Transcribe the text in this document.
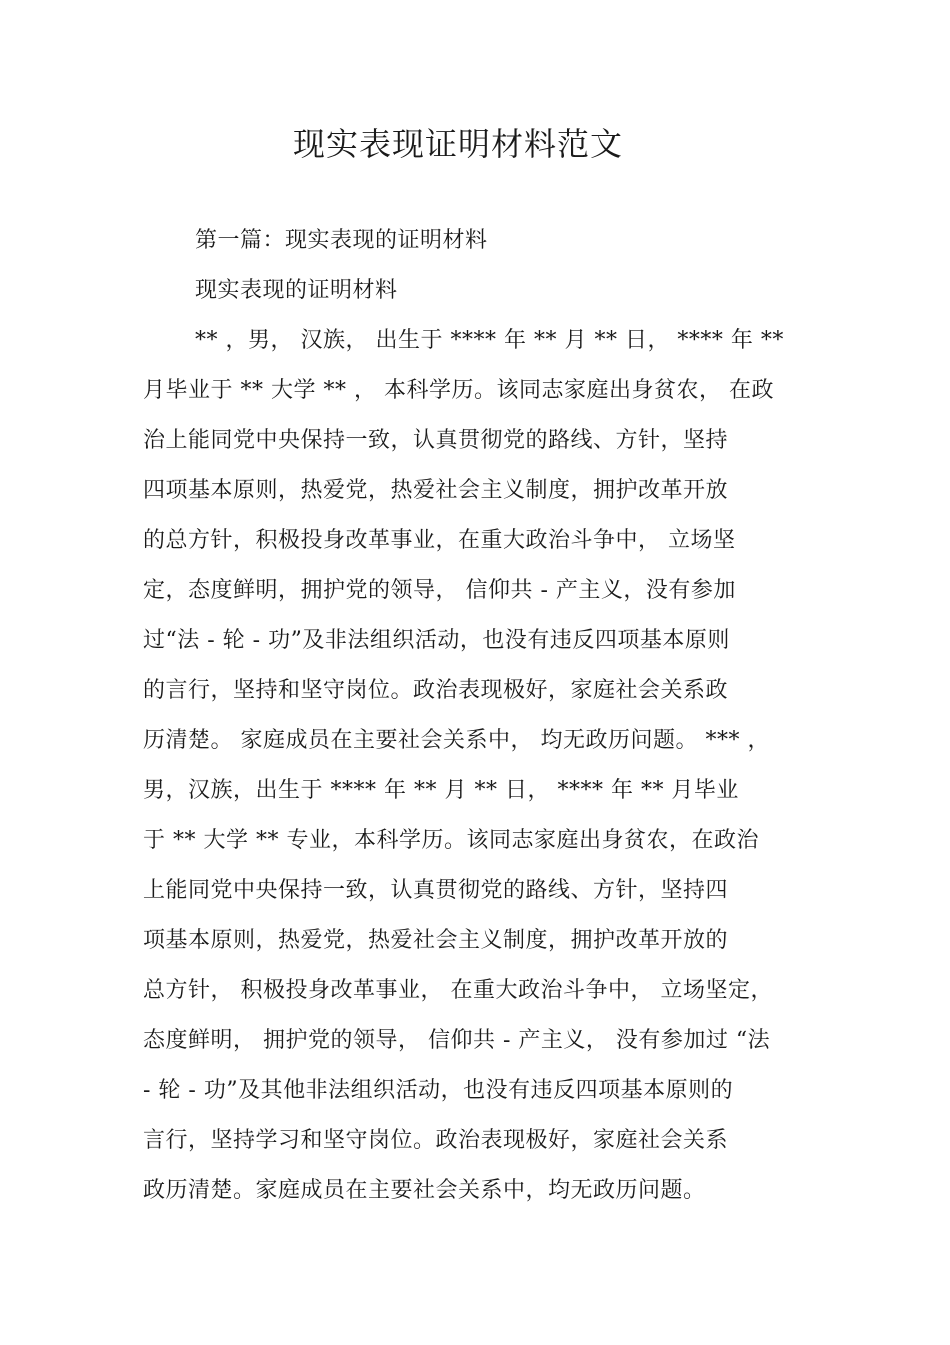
现实表现证明材料范文
第一篇：现实表现的证明材料
现实表现的证明材料
** ，男， 汉族， 出生于 **** 年 ** 月 ** 日， **** 年 **
月毕业于 ** 大学 ** ， 本科学历。该同志家庭出身贫农， 在政
治上能同党中央保持一致，认真贯彻党的路线、方针，坚持
四项基本原则，热爱党，热爱社会主义制度，拥护改革开放
的总方针，积极投身改革事业，在重大政治斗争中， 立场坚
定，态度鲜明，拥护党的领导， 信仰共 - 产主义，没有参加
过“法 - 轮 - 功”及非法组织活动，也没有违反四项基本原则
的言行，坚持和坚守岗位。政治表现极好，家庭社会关系政
历清楚。 家庭成员在主要社会关系中， 均无政历问题。 *** ，
男，汉族，出生于 **** 年 ** 月 ** 日， **** 年 ** 月毕业
于 ** 大学 ** 专业，本科学历。该同志家庭出身贫农，在政治
上能同党中央保持一致，认真贯彻党的路线、方针，坚持四
项基本原则，热爱党，热爱社会主义制度，拥护改革开放的
总方针， 积极投身改革事业， 在重大政治斗争中， 立场坚定，
态度鲜明， 拥护党的领导， 信仰共 - 产主义， 没有参加过 “法
- 轮 - 功”及其他非法组织活动，也没有违反四项基本原则的
言行，坚持学习和坚守岗位。政治表现极好，家庭社会关系
政历清楚。家庭成员在主要社会关系中，均无政历问题。
